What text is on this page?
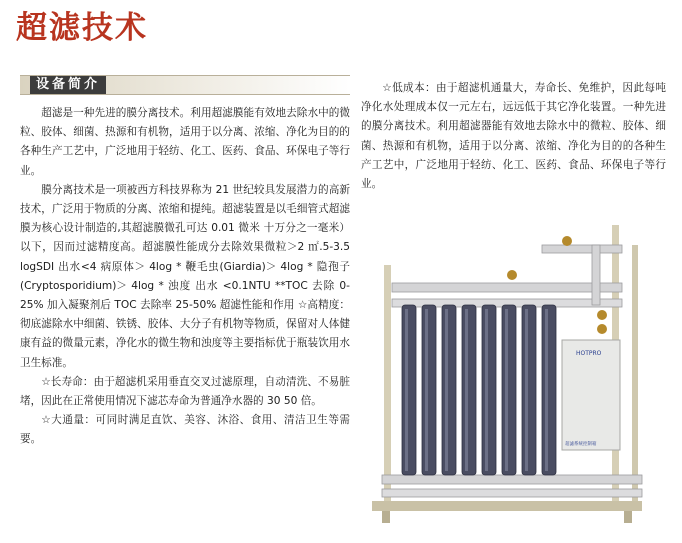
超滤技术
设备简介

超滤是一种先进的膜分离技术。利用超滤膜能有效地去除水中的微粒、胶体、细菌、热源和有机物，适用于以分离、浓缩、净化为目的的各种生产工艺中，广泛地用于轻纺、化工、医药、食品、环保电子等行业。

膜分离技术是一项被西方科技界称为 21 世纪较具发展潜力的高新技术，广泛用于物质的分离、浓缩和提纯。超滤装置是以毛细管式超滤膜为核心设计制造的,其超滤膜微孔可达 0.01 微米 十万分之一毫米）以下，因而过滤精度高。超滤膜性能成分去除效果微粒＞2 ㎡.5-3.5 logSDI 出水<4 病原体＞ 4log * 鞭毛虫(Giardia)＞ 4log * 隐孢子 (Cryptosporidium)＞ 4log * 浊度 出水 <0.1NTU **TOC 去除 0-25% 加入凝聚剂后 TOC 去除率 25-50% 超滤性能和作用 ☆高精度：彻底滤除水中细菌、铁锈、胶体、大分子有机物等物质，保留对人体健康有益的微量元素，净化水的微生物和浊度等主要指标优于瓶装饮用水卫生标准。

☆长寿命：由于超滤机采用垂直交叉过滤原理，自动清洗、不易脏堵，因此在正常使用情况下滤芯寿命为普通净水器的 30 50 倍。

☆大通量：可同时满足直饮、美容、沐浴、食用、清洁卫生等需要。

☆低成本：由于超滤机通量大，寿命长、免维护，因此每吨净化水处理成本仅一元左右，远远低于其它净化装置。一种先进的膜分离技术。利用超滤器能有效地去除水中的微粒、胶体、细菌、热源和有机物，适用于以分离、浓缩、净化为目的的各种生产工艺中，广泛地用于轻纺、化工、医药、食品、环保电子等行业。

HOTPRO
超滤系统控制箱
